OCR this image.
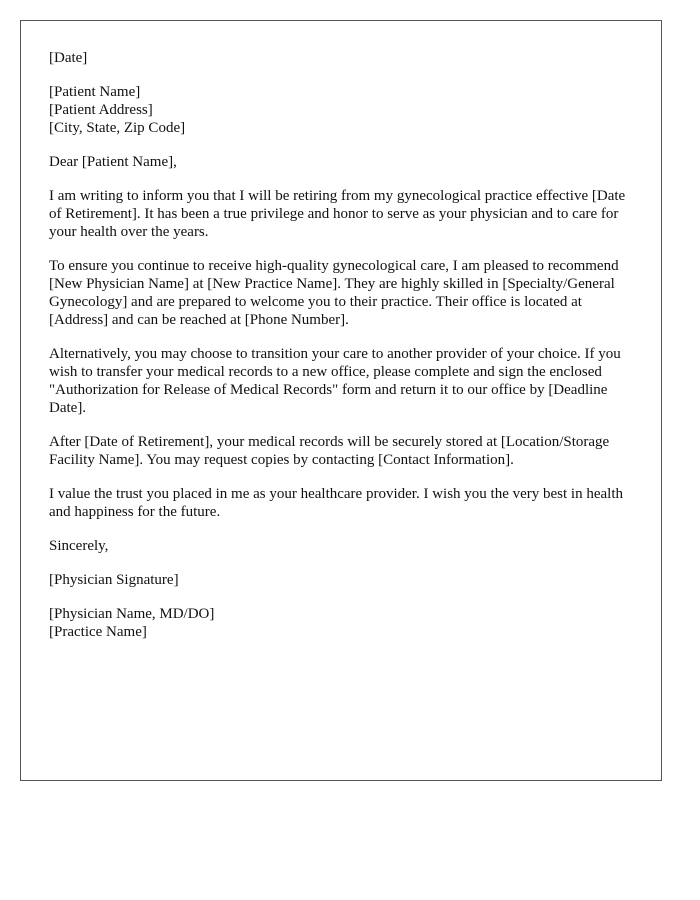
[Date]
[Patient Name]
[Patient Address]
[City, State, Zip Code]

Dear [Patient Name],

I am writing to inform you that I will be retiring from my gynecological practice effective [Date of Retirement]. It has been a true privilege and honor to serve as your physician and to care for your health over the years.

To ensure you continue to receive high-quality gynecological care, I am pleased to recommend [New Physician Name] at [New Practice Name]. They are highly skilled in [Specialty/General Gynecology] and are prepared to welcome you to their practice. Their office is located at [Address] and can be reached at [Phone Number].

Alternatively, you may choose to transition your care to another provider of your choice. If you wish to transfer your medical records to a new office, please complete and sign the enclosed "Authorization for Release of Medical Records" form and return it to our office by [Deadline Date].

After [Date of Retirement], your medical records will be securely stored at [Location/Storage Facility Name]. You may request copies by contacting [Contact Information].

I value the trust you placed in me as your healthcare provider. I wish you the very best in health and happiness for the future.

Sincerely,

[Physician Signature]

[Physician Name, MD/DO]
[Practice Name]
